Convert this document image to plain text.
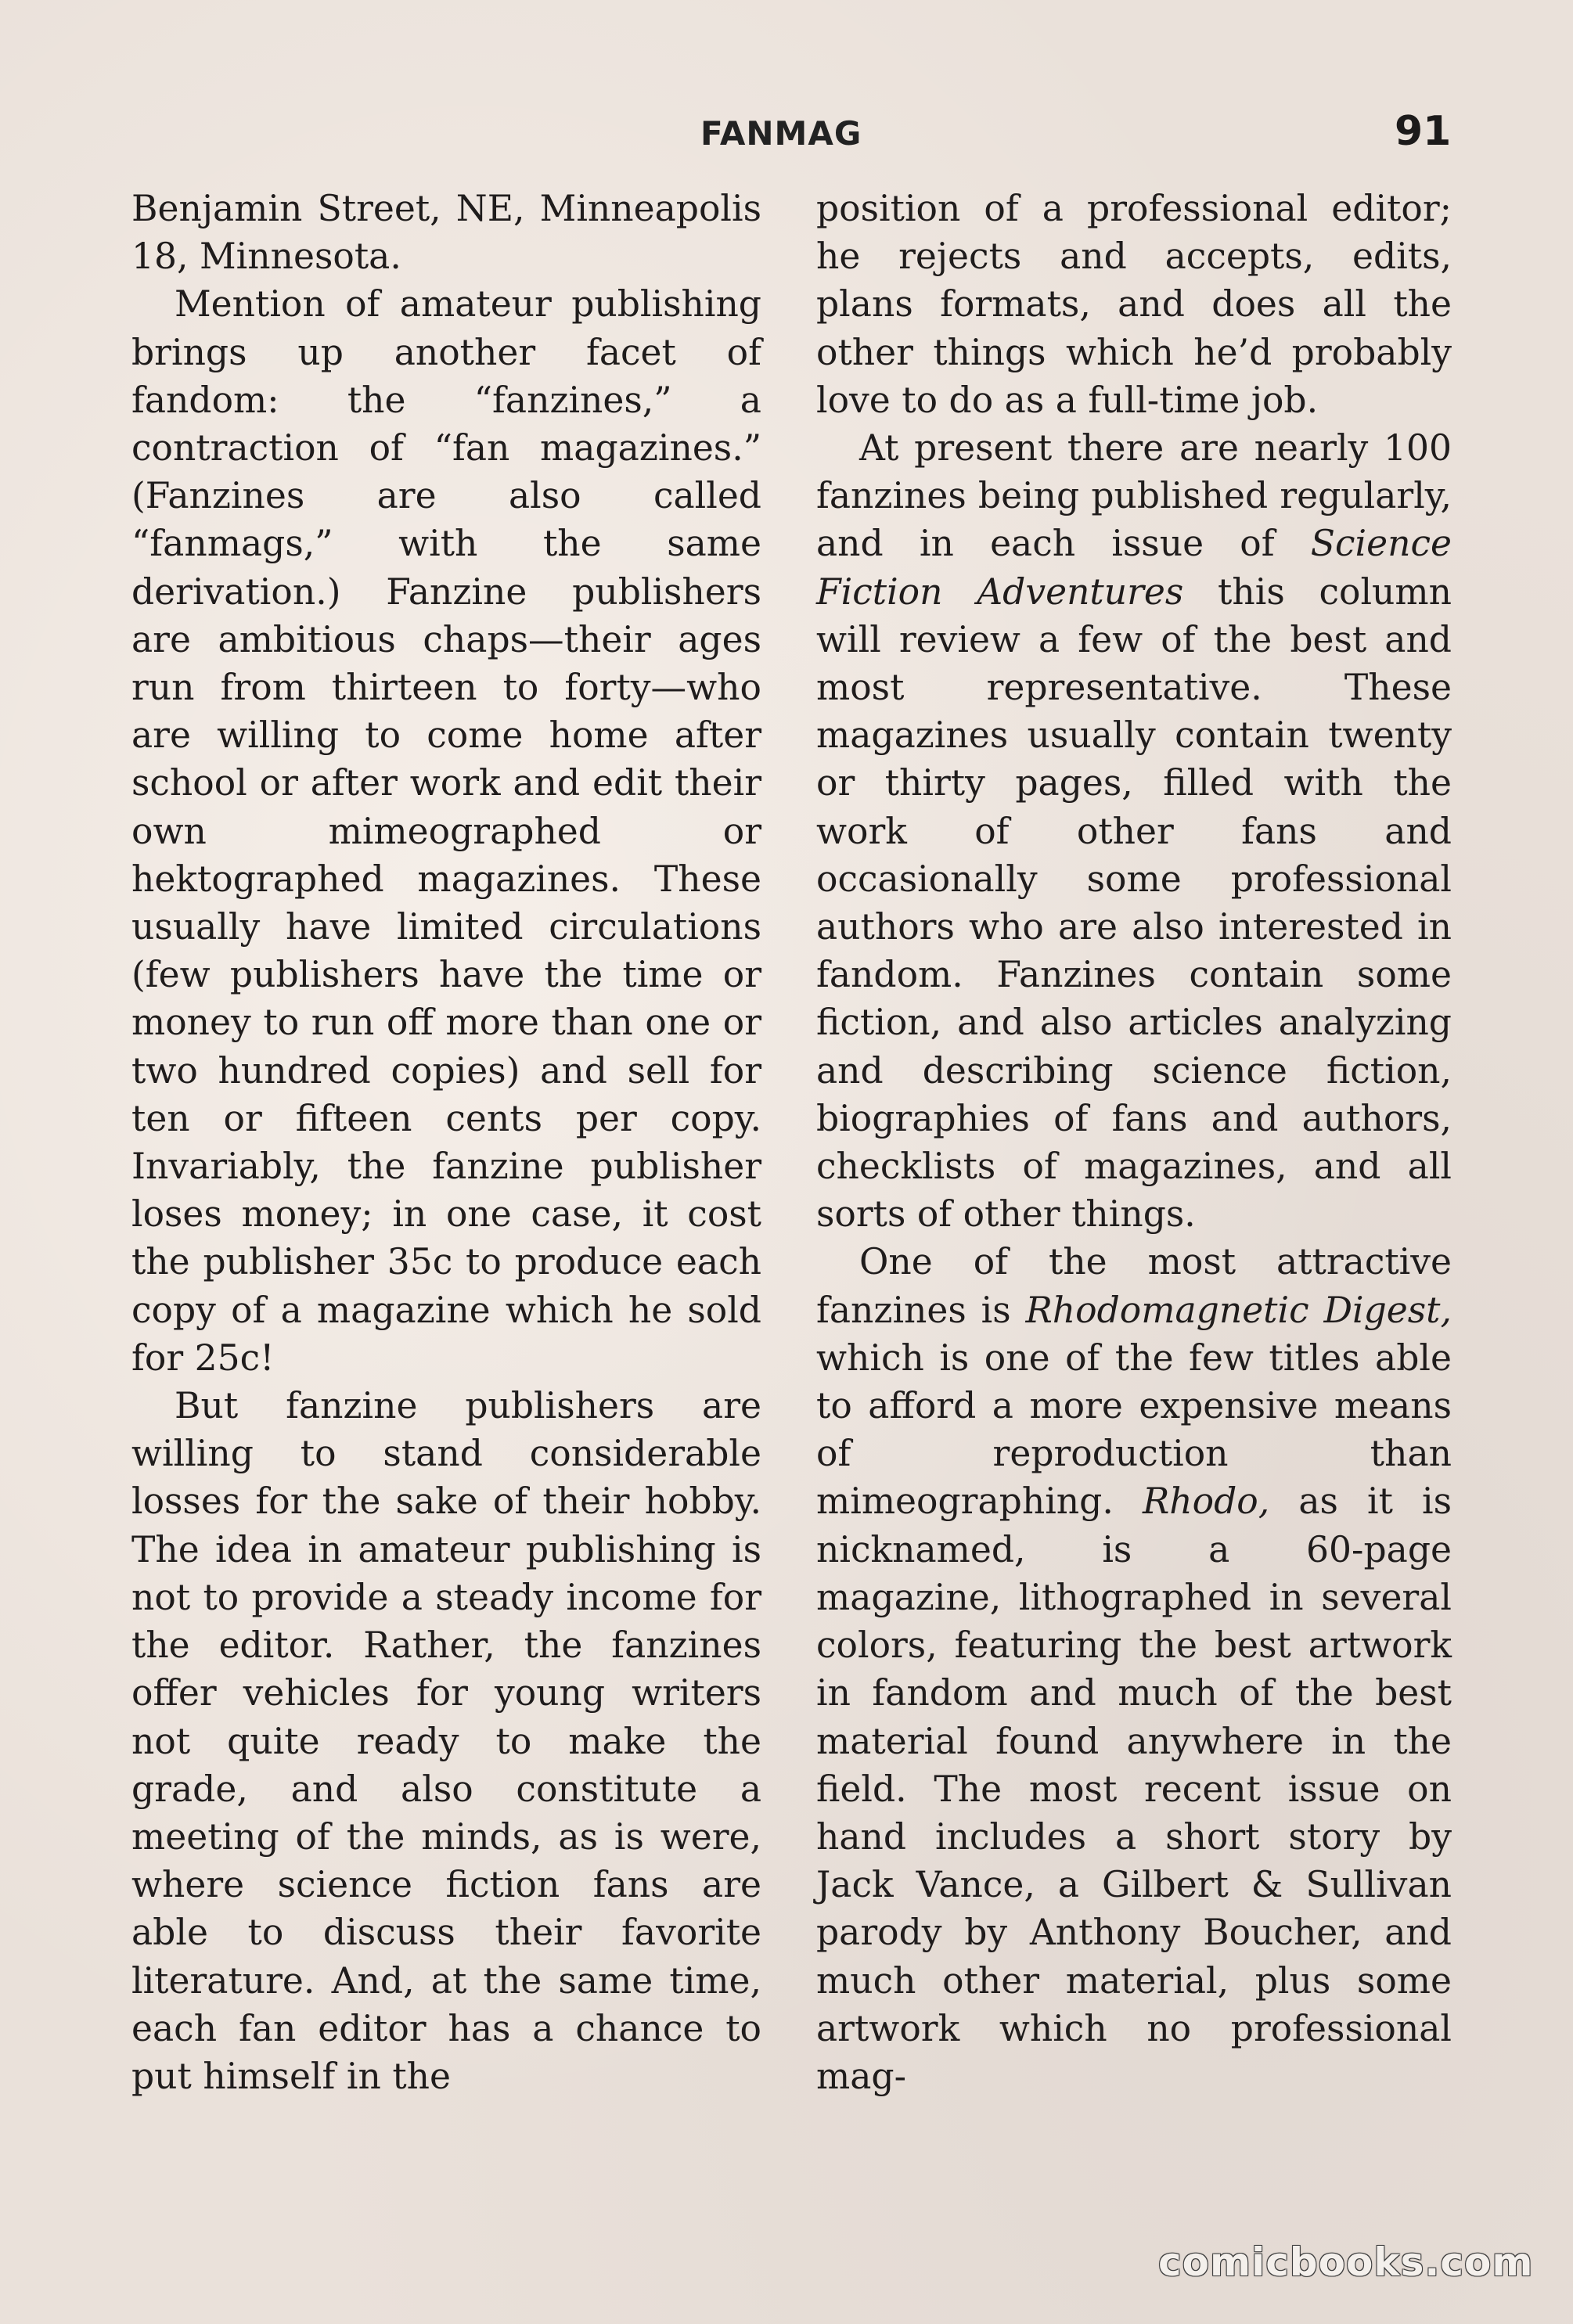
FANMAG	91

Benjamin Street, NE, Minneapolis 18, Minnesota.

Mention of amateur publishing brings up another facet of fandom: the “fanzines,” a contraction of “fan magazines.” (Fanzines are also called “fanmags,” with the same derivation.) Fanzine publishers are ambitious chaps—their ages run from thirteen to forty—who are willing to come home after school or after work and edit their own mimeographed or hektographed magazines. These usually have limited circulations (few publishers have the time or money to run off more than one or two hundred copies) and sell for ten or fifteen cents per copy. Invariably, the fanzine publisher loses money; in one case, it cost the publisher 35c to produce each copy of a magazine which he sold for 25c!

But fanzine publishers are willing to stand considerable losses for the sake of their hobby. The idea in amateur publishing is not to provide a steady income for the editor. Rather, the fanzines offer vehicles for young writers not quite ready to make the grade, and also constitute a meeting of the minds, as is were, where science fiction fans are able to discuss their favorite literature. And, at the same time, each fan editor has a chance to put himself in the

position of a professional editor; he rejects and accepts, edits, plans formats, and does all the other things which he’d probably love to do as a full-time job.

At present there are nearly 100 fanzines being published regularly, and in each issue of Science Fiction Adventures this column will review a few of the best and most representative. These magazines usually contain twenty or thirty pages, filled with the work of other fans and occasionally some professional authors who are also interested in fandom. Fanzines contain some fiction, and also articles analyzing and describing science fiction, biographies of fans and authors, checklists of magazines, and all sorts of other things.

One of the most attractive fanzines is Rhodomagnetic Digest, which is one of the few titles able to afford a more expensive means of reproduction than mimeographing. Rhodo, as it is nicknamed, is a 60-page magazine, lithographed in several colors, featuring the best artwork in fandom and much of the best material found anywhere in the field. The most recent issue on hand includes a short story by Jack Vance, a Gilbert & Sullivan parody by Anthony Boucher, and much other material, plus some artwork which no professional mag-

comicbooks.com
